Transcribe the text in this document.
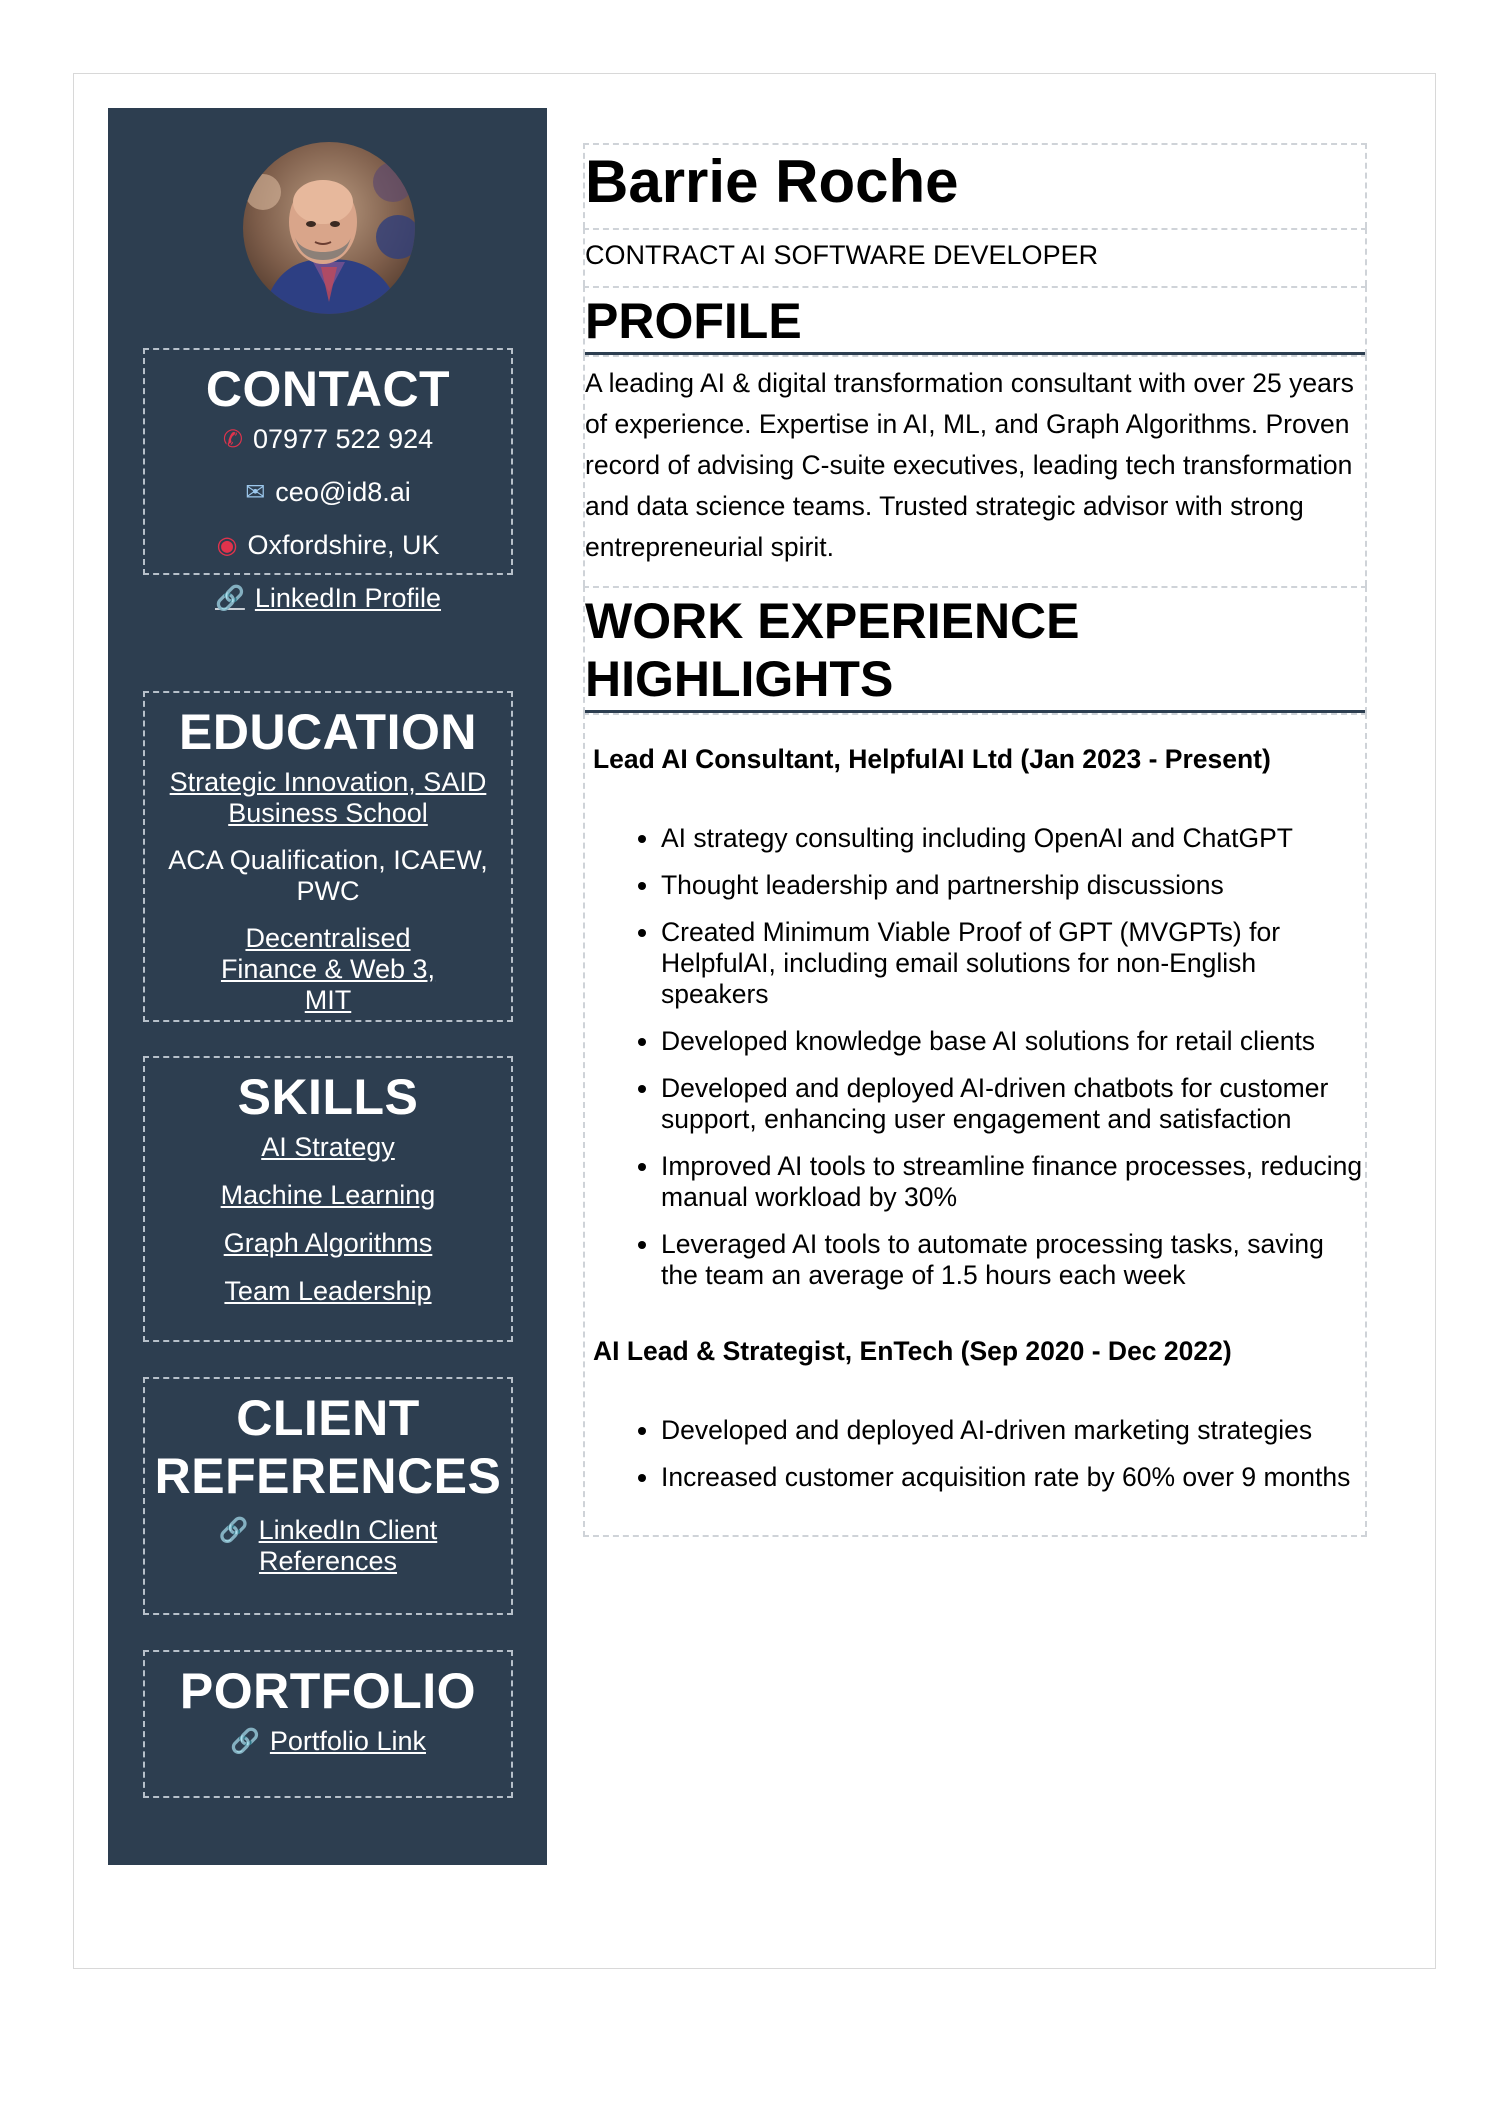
CONTACT
✆ 07977 522 924
✉ ceo@id8.ai
◉ Oxfordshire, UK
🔗 LinkedIn Profile
EDUCATION
Strategic Innovation, SAID Business School
ACA Qualification, ICAEW, PWC
Decentralised Finance & Web 3, MIT
SKILLS
AI Strategy
Machine Learning
Graph Algorithms
Team Leadership
CLIENT
REFERENCES
🔗 LinkedIn Client
References
PORTFOLIO
🔗 Portfolio Link
Barrie Roche
CONTRACT AI SOFTWARE DEVELOPER
PROFILE

A leading AI & digital transformation consultant with over 25 years of experience. Expertise in AI, ML, and Graph Algorithms. Proven record of advising C-suite executives, leading tech transformation and data science teams. Trusted strategic advisor with strong entrepreneurial spirit.

WORK EXPERIENCE
HIGHLIGHTS
Lead AI Consultant, HelpfulAI Ltd (Jan 2023 - Present)
• AI strategy consulting including OpenAI and ChatGPT
• Thought leadership and partnership discussions
• Created Minimum Viable Proof of GPT (MVGPTs) for HelpfulAI, including email solutions for non-English speakers
• Developed knowledge base AI solutions for retail clients
• Developed and deployed AI-driven chatbots for customer support, enhancing user engagement and satisfaction
• Improved AI tools to streamline finance processes, reducing manual workload by 30%
• Leveraged AI tools to automate processing tasks, saving the team an average of 1.5 hours each week
AI Lead & Strategist, EnTech (Sep 2020 - Dec 2022)
• Developed and deployed AI-driven marketing strategies
• Increased customer acquisition rate by 60% over 9 months
